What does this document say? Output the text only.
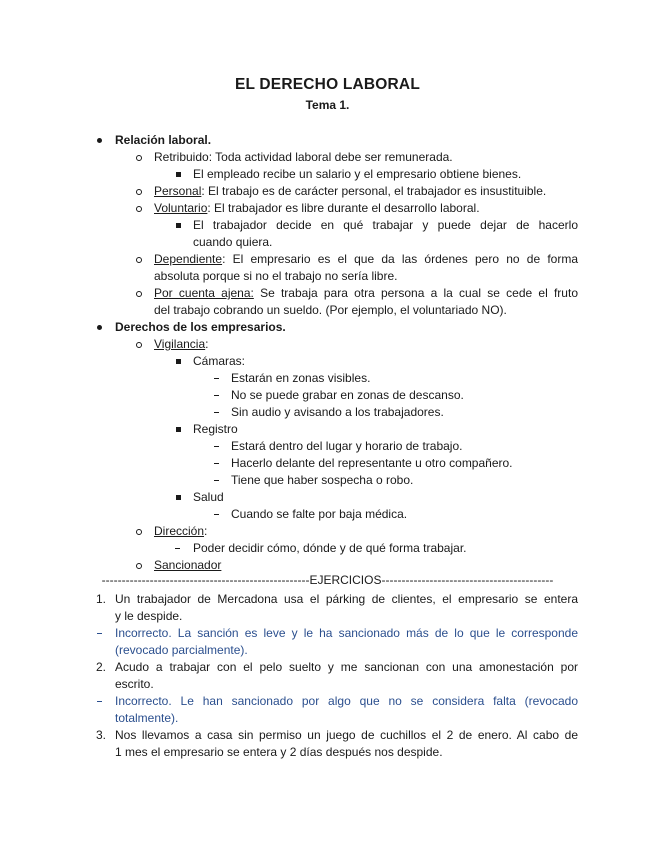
EL DERECHO LABORAL
Tema 1.
Relación laboral.
Retribuido: Toda actividad laboral debe ser remunerada.
El empleado recibe un salario y el empresario obtiene bienes.
Personal: El trabajo es de carácter personal, el trabajador es insustituible.
Voluntario: El trabajador es libre durante el desarrollo laboral.
El trabajador decide en qué trabajar y puede dejar de hacerlo
cuando quiera.
Dependiente: El empresario es el que da las órdenes pero no de forma
absoluta porque si no el trabajo no sería libre.
Por cuenta ajena: Se trabaja para otra persona a la cual se cede el fruto
del trabajo cobrando un sueldo. (Por ejemplo, el voluntariado NO).
Derechos de los empresarios.
Vigilancia:
Cámaras:
Estarán en zonas visibles.
No se puede grabar en zonas de descanso.
Sin audio y avisando a los trabajadores.
Registro
Estará dentro del lugar y horario de trabajo.
Hacerlo delante del representante u otro compañero.
Tiene que haber sospecha o robo.
Salud
Cuando se falte por baja médica.
Dirección:
Poder decidir cómo, dónde y de qué forma trabajar.
Sancionador
----------------------------------------------------EJERCICIOS-------------------------------------------
1. Un trabajador de Mercadona usa el párking de clientes, el empresario se entera
y le despide.
Incorrecto. La sanción es leve y le ha sancionado más de lo que le corresponde
(revocado parcialmente).
2. Acudo a trabajar con el pelo suelto y me sancionan con una amonestación por
escrito.
Incorrecto. Le han sancionado por algo que no se considera falta (revocado
totalmente).
3. Nos llevamos a casa sin permiso un juego de cuchillos el 2 de enero. Al cabo de
1 mes el empresario se entera y 2 días después nos despide.
